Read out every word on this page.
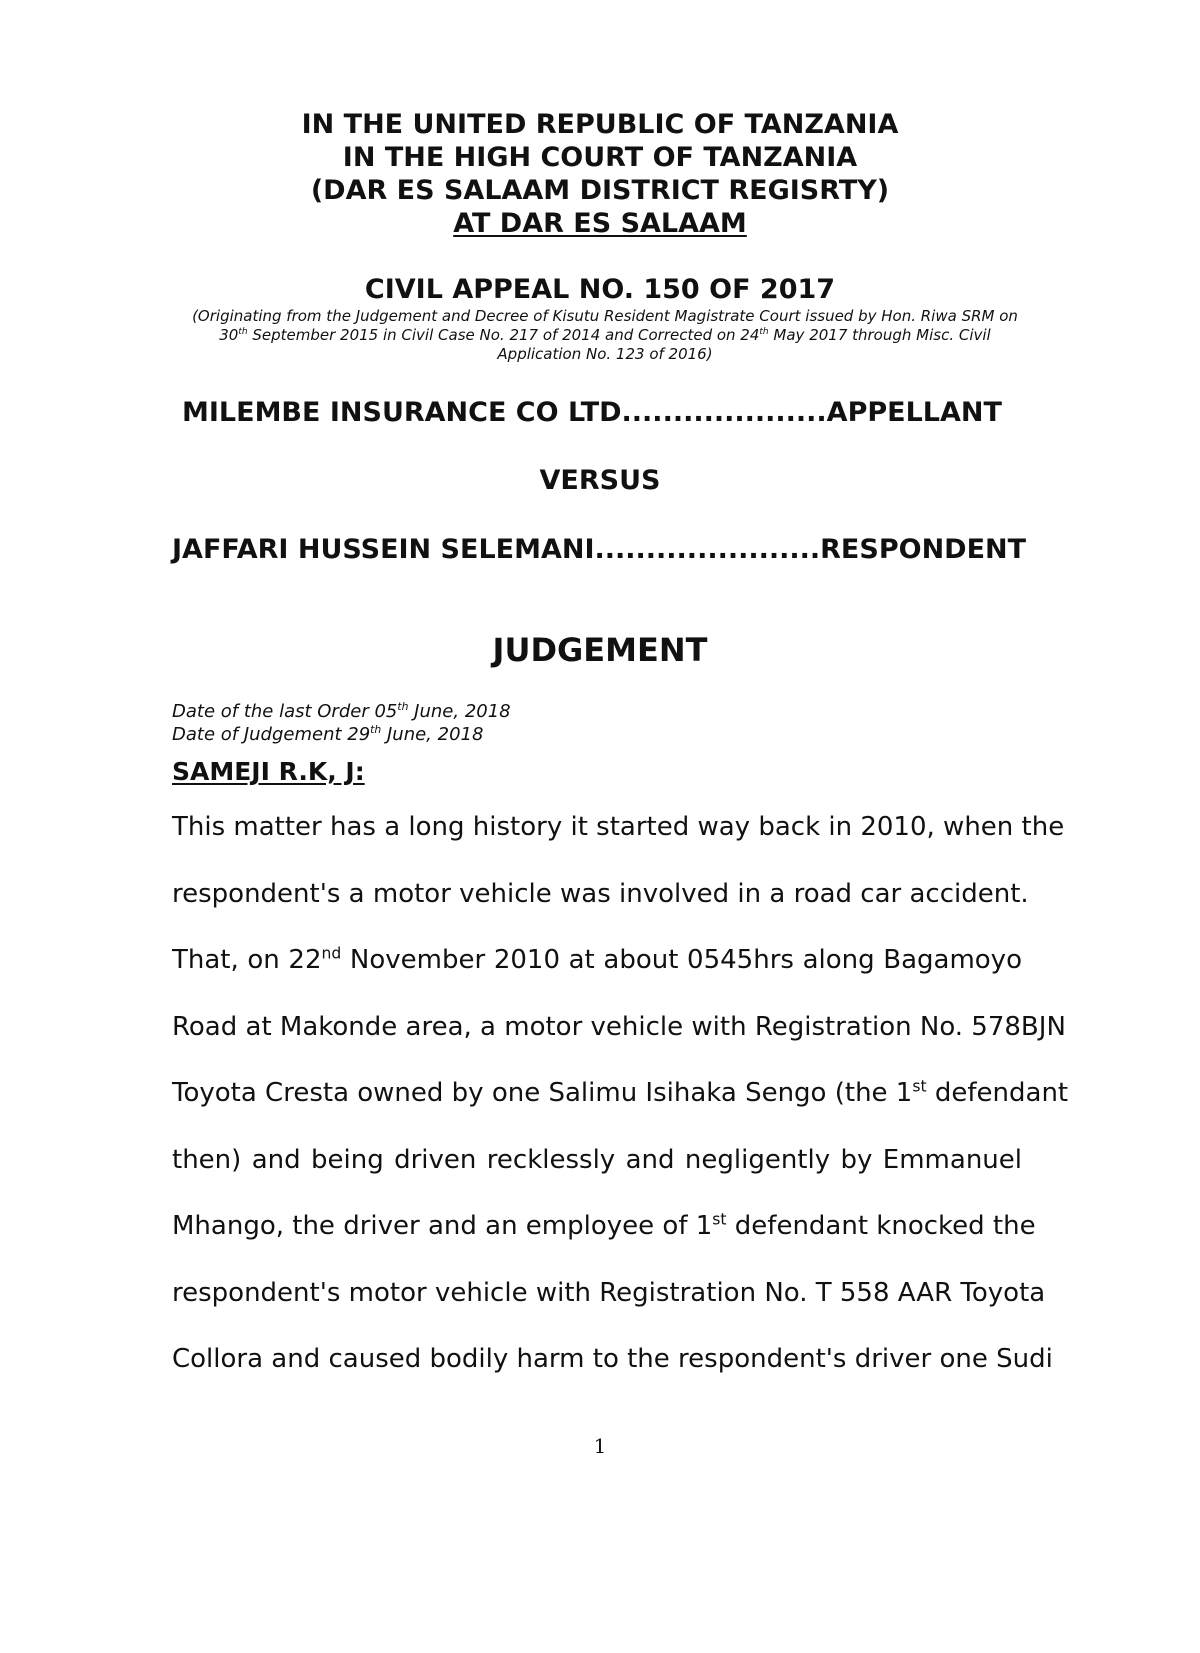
IN THE UNITED REPUBLIC OF TANZANIA
IN THE HIGH COURT OF TANZANIA
(DAR ES SALAAM DISTRICT REGISRTY)
AT DAR ES SALAAM
CIVIL APPEAL NO. 150 OF 2017
(Originating from the Judgement and Decree of Kisutu Resident Magistrate Court issued by Hon. Riwa SRM on 30th September 2015 in Civil Case No. 217 of 2014 and Corrected on 24th May 2017 through Misc. Civil Application No. 123 of 2016)
MILEMBE INSURANCE CO LTD....................APPELLANT
VERSUS
JAFFARI HUSSEIN SELEMANI......................RESPONDENT
JUDGEMENT
Date of the last Order 05th June, 2018
Date of Judgement 29th June, 2018
SAMEJI R.K, J:
This matter has a long history it started way back in 2010, when the
respondent's a motor vehicle was involved in a road car accident.
That, on 22nd November 2010 at about 0545hrs along Bagamoyo
Road at Makonde area, a motor vehicle with Registration No. 578BJN
Toyota Cresta owned by one Salimu Isihaka Sengo (the 1st defendant
then) and being driven recklessly and negligently by Emmanuel
Mhango, the driver and an employee of 1st defendant knocked the
respondent's motor vehicle with Registration No. T 558 AAR Toyota
Collora and caused bodily harm to the respondent's driver one Sudi
1
